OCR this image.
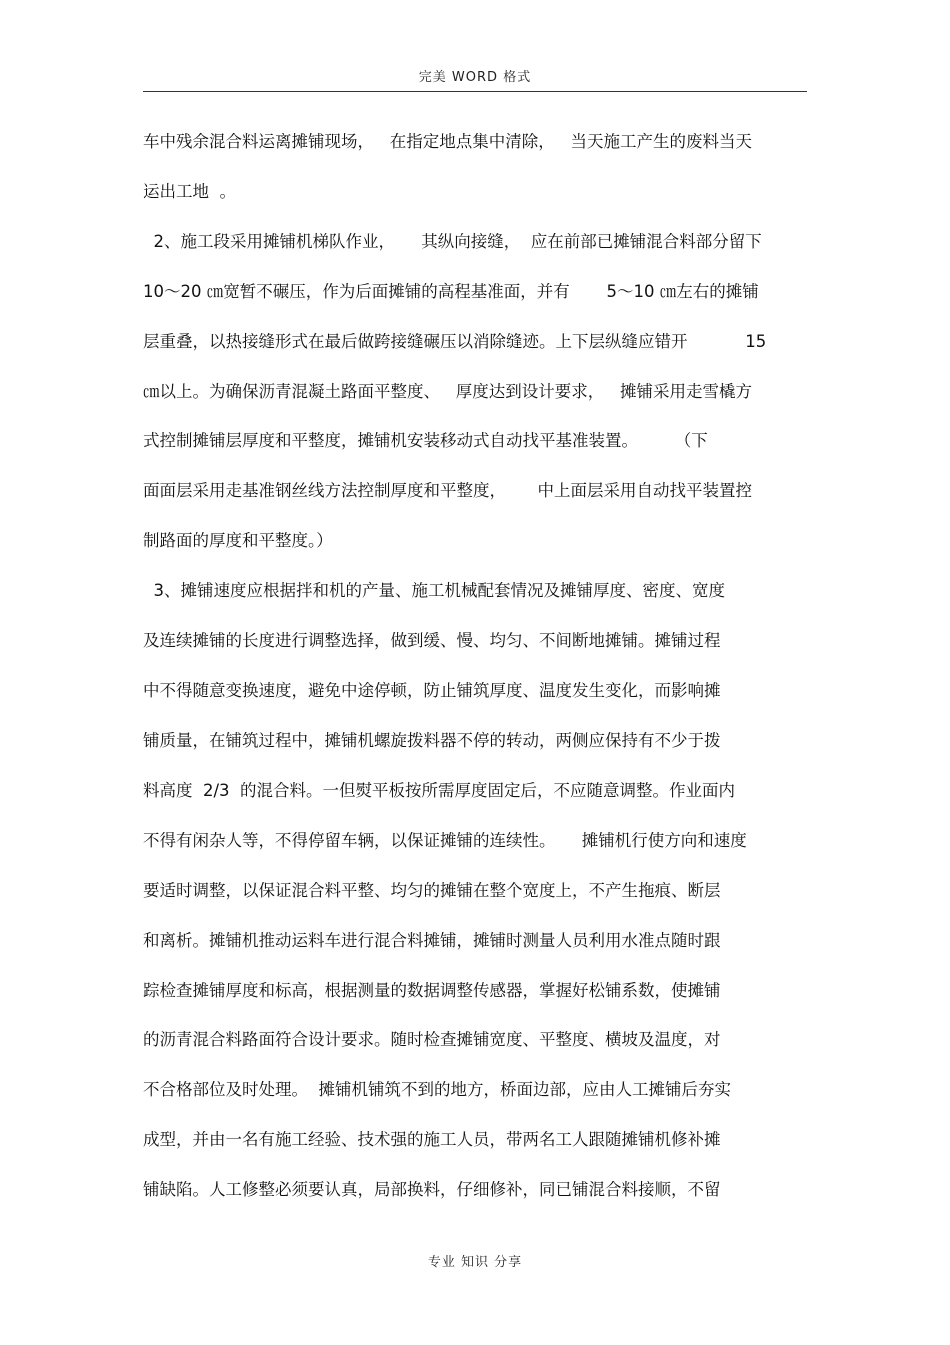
完美 WORD 格式
车中残余混合料运离摊铺现场，   在指定地点集中清除，   当天施工产生的废料当天
运出工地  。
2、施工段采用摊铺机梯队作业，     其纵向接缝，  应在前部已摊铺混合料部分留下
10～20 ㎝宽暂不碾压，作为后面摊铺的高程基准面，并有       5～10 ㎝左右的摊铺
层重叠，以热接缝形式在最后做跨接缝碾压以消除缝迹。上下层纵缝应错开           15
㎝以上。为确保沥青混凝土路面平整度、   厚度达到设计要求，   摊铺采用走雪橇方
式控制摊铺层厚度和平整度，摊铺机安装移动式自动找平基准装置。       （下
面面层采用走基准钢丝线方法控制厚度和平整度，      中上面层采用自动找平装置控
制路面的厚度和平整度。）
3、摊铺速度应根据拌和机的产量、施工机械配套情况及摊铺厚度、密度、宽度
及连续摊铺的长度进行调整选择，做到缓、慢、均匀、不间断地摊铺。摊铺过程
中不得随意变换速度，避免中途停顿，防止铺筑厚度、温度发生变化，而影响摊
铺质量，在铺筑过程中，摊铺机螺旋拨料器不停的转动，两侧应保持有不少于拨
料高度  2/3  的混合料。一但熨平板按所需厚度固定后，不应随意调整。作业面内
不得有闲杂人等，不得停留车辆，以保证摊铺的连续性。     摊铺机行使方向和速度
要适时调整，以保证混合料平整、均匀的摊铺在整个宽度上，不产生拖痕、断层
和离析。摊铺机推动运料车进行混合料摊铺，摊铺时测量人员利用水准点随时跟
踪检查摊铺厚度和标高，根据测量的数据调整传感器，掌握好松铺系数，使摊铺
的沥青混合料路面符合设计要求。随时检查摊铺宽度、平整度、横坡及温度，对
不合格部位及时处理。  摊铺机铺筑不到的地方，桥面边部，应由人工摊铺后夯实
成型，并由一名有施工经验、技术强的施工人员，带两名工人跟随摊铺机修补摊
铺缺陷。人工修整必须要认真，局部换料，仔细修补，同已铺混合料接顺，不留
专业 知识 分享
